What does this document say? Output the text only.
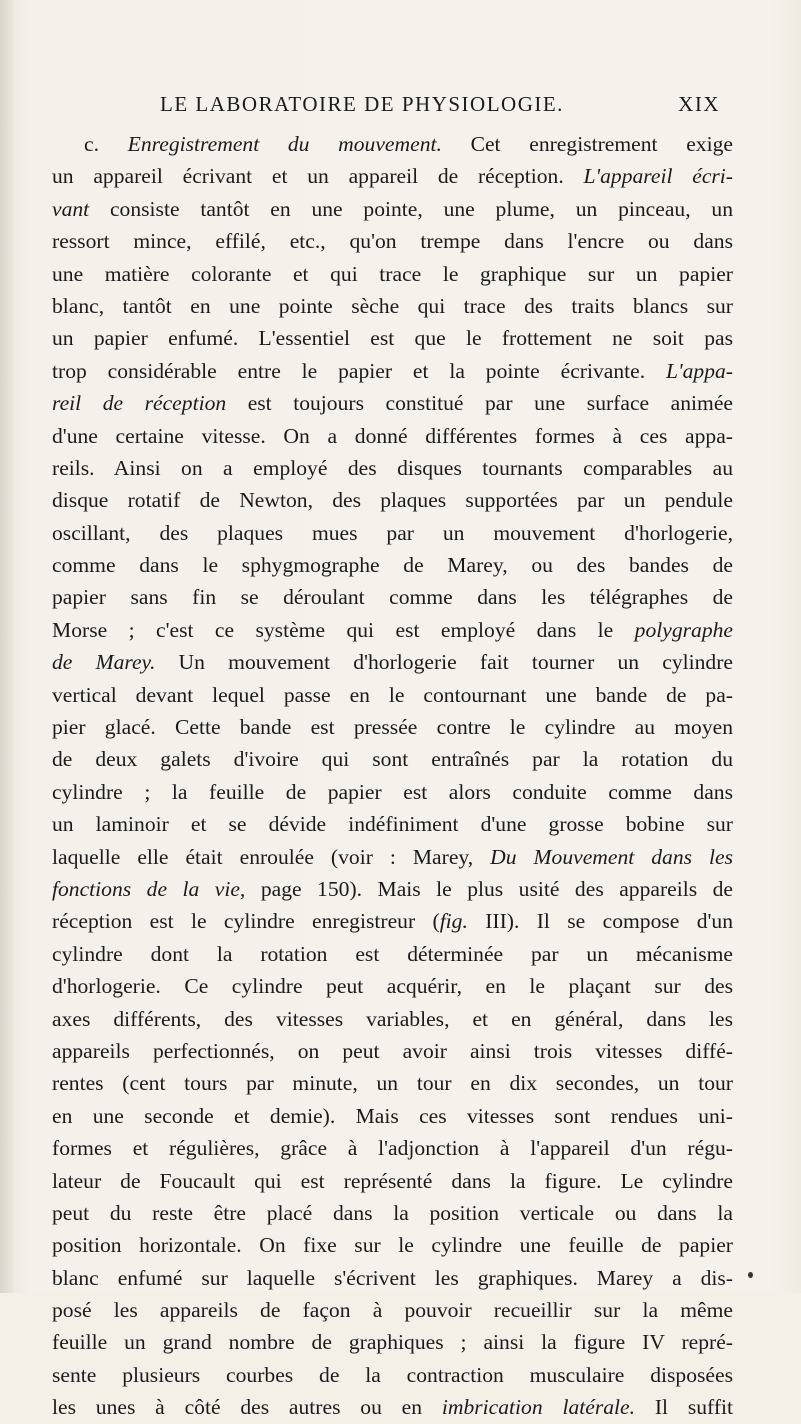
LE LABORATOIRE DE PHYSIOLOGIE.	XIX
c. Enregistrement du mouvement. Cet enregistrement exige
un appareil écrivant et un appareil de réception. L'appareil écri-
vant consiste tantôt en une pointe, une plume, un pinceau, un
ressort mince, effilé, etc., qu'on trempe dans l'encre ou dans
une matière colorante et qui trace le graphique sur un papier
blanc, tantôt en une pointe sèche qui trace des traits blancs sur
un papier enfumé. L'essentiel est que le frottement ne soit pas
trop considérable entre le papier et la pointe écrivante. L'appa-
reil de réception est toujours constitué par une surface animée
d'une certaine vitesse. On a donné différentes formes à ces appa-
reils. Ainsi on a employé des disques tournants comparables au
disque rotatif de Newton, des plaques supportées par un pendule
oscillant, des plaques mues par un mouvement d'horlogerie,
comme dans le sphygmographe de Marey, ou des bandes de
papier sans fin se déroulant comme dans les télégraphes de
Morse ; c'est ce système qui est employé dans le polygraphe
de Marey. Un mouvement d'horlogerie fait tourner un cylindre
vertical devant lequel passe en le contournant une bande de pa-
pier glacé. Cette bande est pressée contre le cylindre au moyen
de deux galets d'ivoire qui sont entraînés par la rotation du
cylindre ; la feuille de papier est alors conduite comme dans
un laminoir et se dévide indéfiniment d'une grosse bobine sur
laquelle elle était enroulée (voir : Marey, Du Mouvement dans les
fonctions de la vie, page 150). Mais le plus usité des appareils de
réception est le cylindre enregistreur (fig. III). Il se compose d'un
cylindre dont la rotation est déterminée par un mécanisme
d'horlogerie. Ce cylindre peut acquérir, en le plaçant sur des
axes différents, des vitesses variables, et en général, dans les
appareils perfectionnés, on peut avoir ainsi trois vitesses diffé-
rentes (cent tours par minute, un tour en dix secondes, un tour
en une seconde et demie). Mais ces vitesses sont rendues uni-
formes et régulières, grâce à l'adjonction à l'appareil d'un régu-
lateur de Foucault qui est représenté dans la figure. Le cylindre
peut du reste être placé dans la position verticale ou dans la
position horizontale. On fixe sur le cylindre une feuille de papier
blanc enfumé sur laquelle s'écrivent les graphiques. Marey a dis-
posé les appareils de façon à pouvoir recueillir sur la même
feuille un grand nombre de graphiques ; ainsi la figure IV repré-
sente plusieurs courbes de la contraction musculaire disposées
les unes à côté des autres ou en imbrication latérale. Il suffit
